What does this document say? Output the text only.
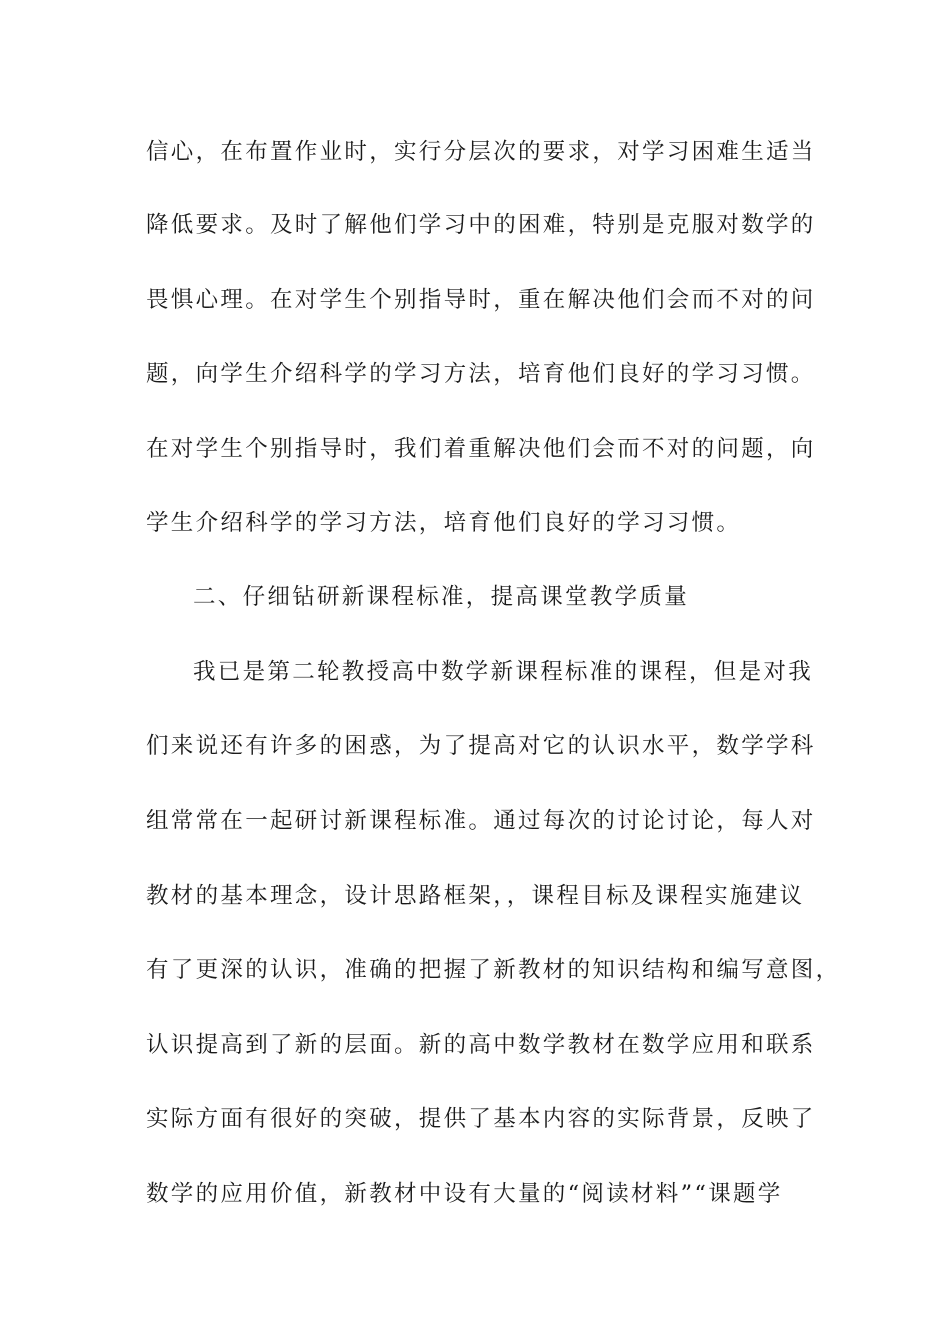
信心，在布置作业时，实行分层次的要求，对学习困难生适当
降低要求。及时了解他们学习中的困难，特别是克服对数学的
畏惧心理。在对学生个别指导时，重在解决他们会而不对的问
题，向学生介绍科学的学习方法，培育他们良好的学习习惯。
在对学生个别指导时，我们着重解决他们会而不对的问题，向
学生介绍科学的学习方法，培育他们良好的学习习惯。
二、仔细钻研新课程标准，提高课堂教学质量
我已是第二轮教授高中数学新课程标准的课程，但是对我
们来说还有许多的困惑，为了提高对它的认识水平，数学学科
组常常在一起研讨新课程标准。通过每次的讨论讨论，每人对
教材的基本理念，设计思路框架，，课程目标及课程实施建议
有了更深的认识，准确的把握了新教材的知识结构和编写意图，
认识提高到了新的层面。新的高中数学教材在数学应用和联系
实际方面有很好的突破，提供了基本内容的实际背景，反映了
数学的应用价值，新教材中设有大量的“阅读材料”“课题学
